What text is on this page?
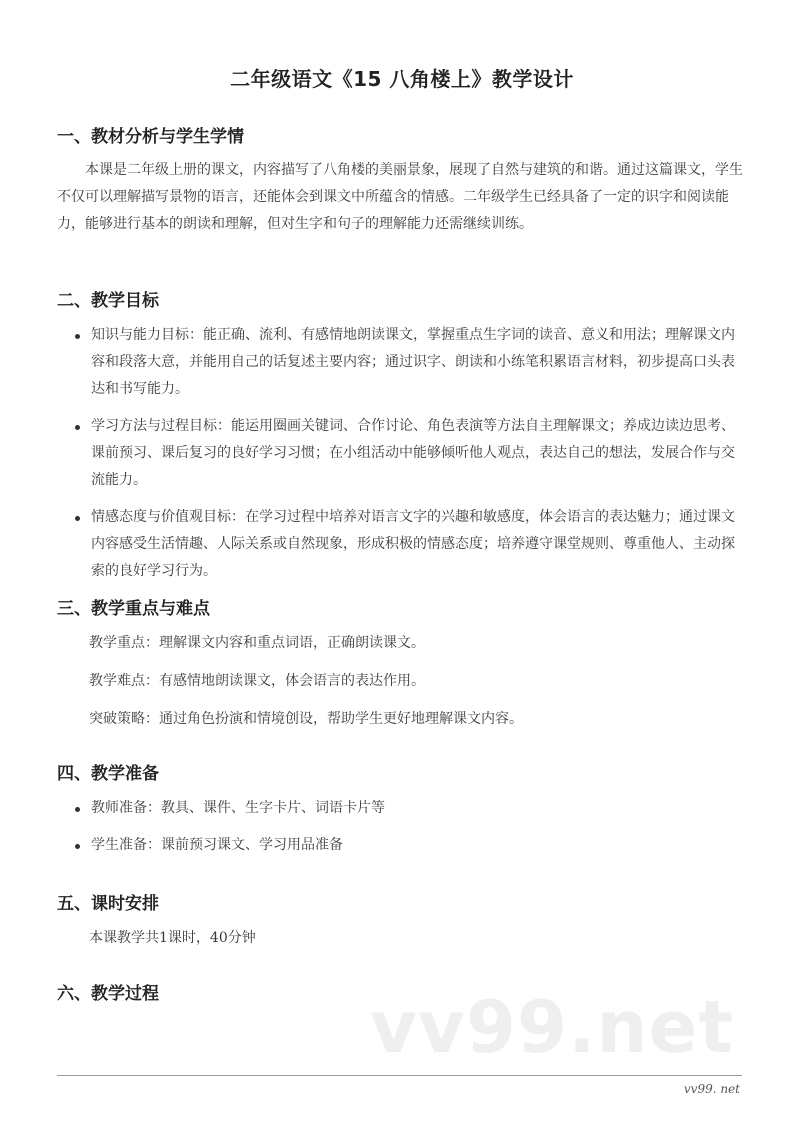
二年级语文《15 八角楼上》教学设计
一、教材分析与学生学情
本课是二年级上册的课文，内容描写了八角楼的美丽景象，展现了自然与建筑的和谐。通过这篇课文，学生不仅可以理解描写景物的语言，还能体会到课文中所蕴含的情感。二年级学生已经具备了一定的识字和阅读能力，能够进行基本的朗读和理解，但对生字和句子的理解能力还需继续训练。
二、教学目标
知识与能力目标：能正确、流利、有感情地朗读课文，掌握重点生字词的读音、意义和用法；理解课文内容和段落大意，并能用自己的话复述主要内容；通过识字、朗读和小练笔积累语言材料，初步提高口头表达和书写能力。
学习方法与过程目标：能运用圈画关键词、合作讨论、角色表演等方法自主理解课文；养成边读边思考、课前预习、课后复习的良好学习习惯；在小组活动中能够倾听他人观点，表达自己的想法，发展合作与交流能力。
情感态度与价值观目标：在学习过程中培养对语言文字的兴趣和敏感度，体会语言的表达魅力；通过课文内容感受生活情趣、人际关系或自然现象，形成积极的情感态度；培养遵守课堂规则、尊重他人、主动探索的良好学习行为。
三、教学重点与难点
教学重点：理解课文内容和重点词语，正确朗读课文。
教学难点：有感情地朗读课文，体会语言的表达作用。
突破策略：通过角色扮演和情境创设，帮助学生更好地理解课文内容。
四、教学准备
教师准备：教具、课件、生字卡片、词语卡片等
学生准备：课前预习课文、学习用品准备
五、课时安排
本课教学共1课时，40分钟
六、教学过程	vv99.net
vv99. net
